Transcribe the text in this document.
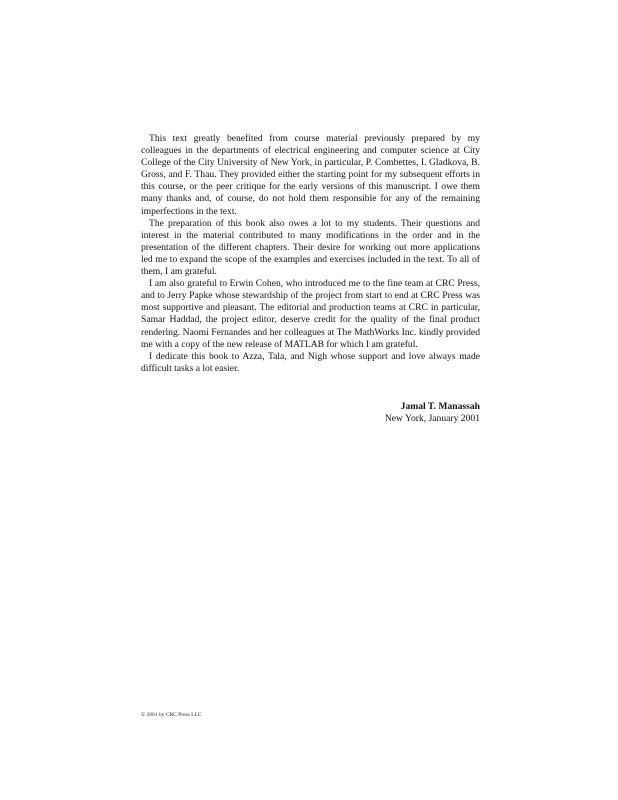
This text greatly benefited from course material previously prepared by my colleagues in the departments of electrical engineering and computer science at City College of the City University of New York, in particular, P. Combettes, I. Gladkova, B. Gross, and F. Thau. They provided either the starting point for my subsequent efforts in this course, or the peer critique for the early versions of this manuscript. I owe them many thanks and, of course, do not hold them responsible for any of the remaining imperfections in the text.

The preparation of this book also owes a lot to my students. Their questions and interest in the material contributed to many modifications in the order and in the presentation of the different chapters. Their desire for working out more applications led me to expand the scope of the examples and exercises included in the text. To all of them, I am grateful.

I am also grateful to Erwin Cohen, who introduced me to the fine team at CRC Press, and to Jerry Papke whose stewardship of the project from start to end at CRC Press was most supportive and pleasant. The editorial and production teams at CRC in particular, Samar Haddad, the project editor, deserve credit for the quality of the final product rendering. Naomi Fernandes and her colleagues at The MathWorks Inc. kindly provided me with a copy of the new release of MATLAB for which I am grateful.

I dedicate this book to Azza, Tala, and Nigh whose support and love always made difficult tasks a lot easier.

Jamal T. Manassah
New York, January 2001
© 2001 by CRC Press LLC
